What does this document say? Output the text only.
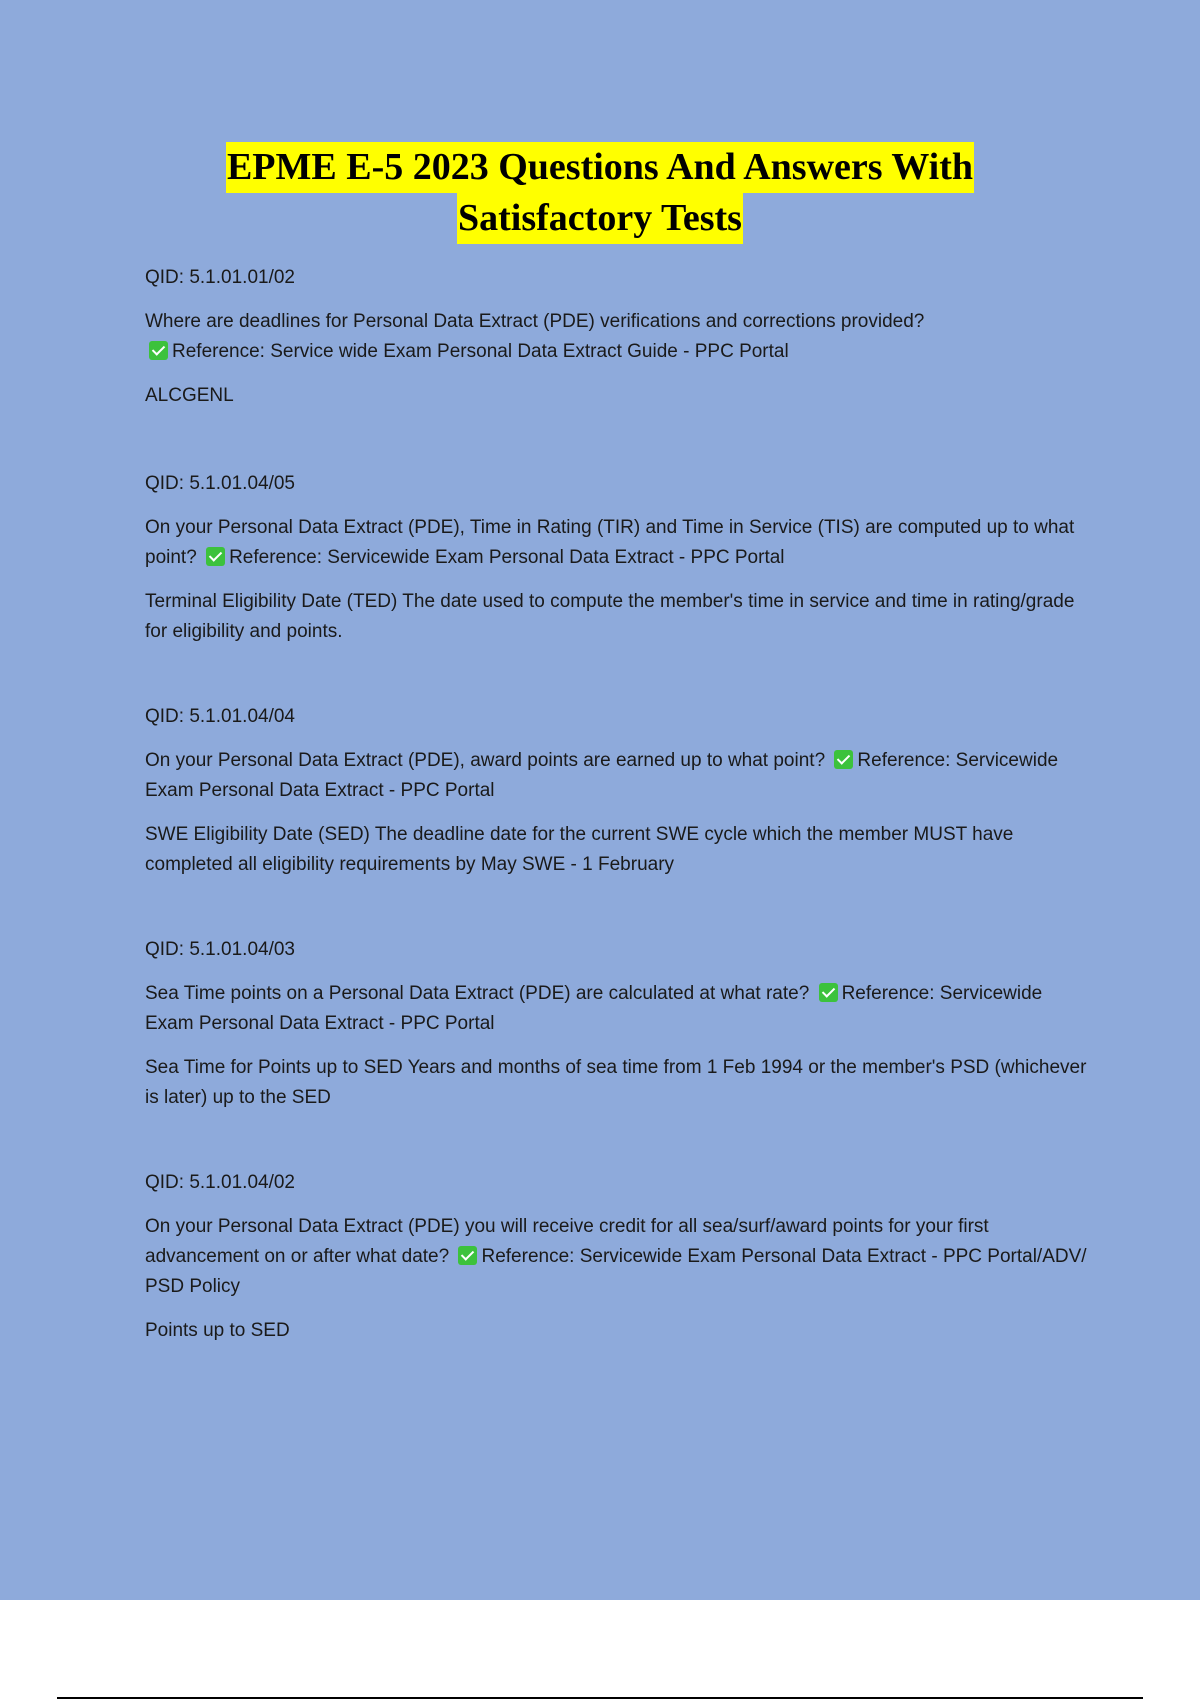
EPME E-5 2023 Questions And Answers With
Satisfactory Tests

QID: 5.1.01.01/02

Where are deadlines for Personal Data Extract (PDE) verifications and corrections provided?
Reference: Service wide Exam Personal Data Extract Guide - PPC Portal

ALCGENL

QID: 5.1.01.04/05

On your Personal Data Extract (PDE), Time in Rating (TIR) and Time in Service (TIS) are computed up to what point? Reference: Servicewide Exam Personal Data Extract - PPC Portal

Terminal Eligibility Date (TED) The date used to compute the member's time in service and time in rating/grade for eligibility and points.

QID: 5.1.01.04/04

On your Personal Data Extract (PDE), award points are earned up to what point? Reference: Servicewide Exam Personal Data Extract - PPC Portal

SWE Eligibility Date (SED) The deadline date for the current SWE cycle which the member MUST have completed all eligibility requirements by May SWE - 1 February

QID: 5.1.01.04/03

Sea Time points on a Personal Data Extract (PDE) are calculated at what rate? Reference: Servicewide Exam Personal Data Extract - PPC Portal

Sea Time for Points up to SED Years and months of sea time from 1 Feb 1994 or the member's PSD (whichever is later) up to the SED

QID: 5.1.01.04/02

On your Personal Data Extract (PDE) you will receive credit for all sea/surf/award points for your first advancement on or after what date? Reference: Servicewide Exam Personal Data Extract - PPC Portal/ADV/ PSD Policy

Points up to SED
